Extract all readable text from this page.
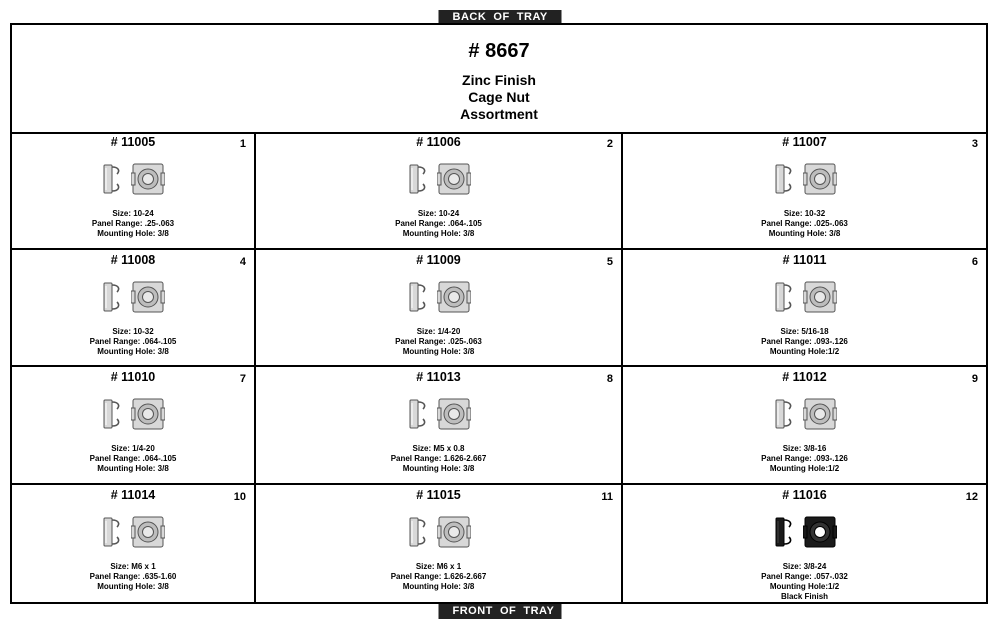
BACK  OF  TRAY
# 8667
Zinc Finish
Cage Nut
Assortment
# 11005	1
Size: 10-24
Panel Range: .25-.063
Mounting Hole: 3/8
# 11006	2
Size: 10-24
Panel Range: .064-.105
Mounting Hole: 3/8
# 11007	3
Size: 10-32
Panel Range: .025-.063
Mounting Hole: 3/8
# 11008	4
Size: 10-32
Panel Range: .064-.105
Mounting Hole: 3/8
# 11009	5
Size: 1/4-20
Panel Range: .025-.063
Mounting Hole: 3/8
# 11011	6
Size: 5/16-18
Panel Range: .093-.126
Mounting Hole:1/2
# 11010	7
Size: 1/4-20
Panel Range: .064-.105
Mounting Hole: 3/8
# 11013	8
Size: M5 x 0.8
Panel Range: 1.626-2.667
Mounting Hole: 3/8
# 11012	9
Size: 3/8-16
Panel Range: .093-.126
Mounting Hole:1/2
# 11014	10
Size: M6 x 1
Panel Range: .635-1.60
Mounting Hole: 3/8
# 11015	11
Size: M6 x 1
Panel Range: 1.626-2.667
Mounting Hole: 3/8
# 11016	12
Size: 3/8-24
Panel Range: .057-.032
Mounting Hole:1/2
Black Finish
FRONT  OF  TRAY
